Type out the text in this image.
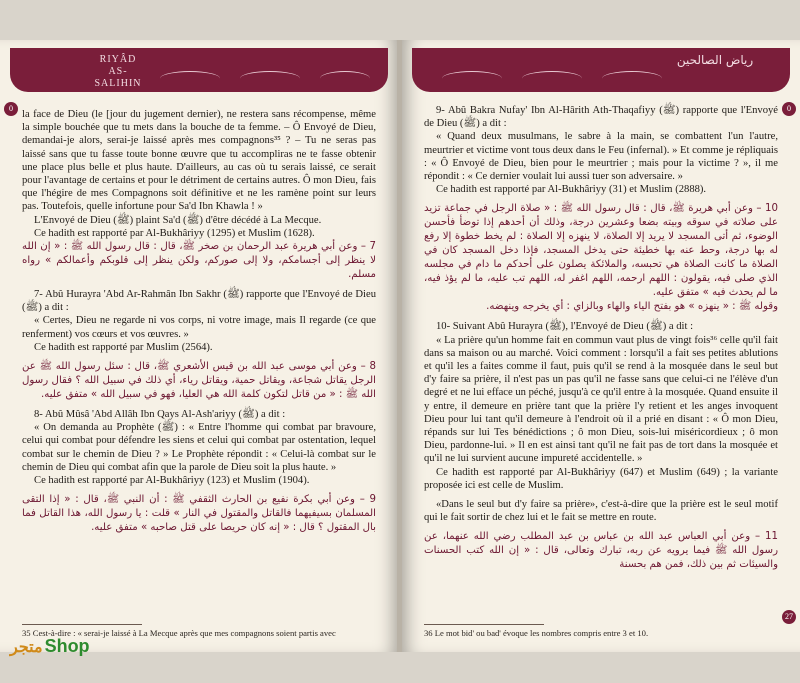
RIYÂD
AS-SALIHIN
0

la face de Dieu (le [jour du jugement dernier), ne restera sans récompense, même la simple bouchée que tu mets dans la bouche de ta femme. – Ô Envoyé de Dieu, demandai-je alors, serai-je laissé après mes compagnons³⁵ ? – Tu ne seras pas laissé sans que tu fasse toute bonne œuvre que tu accompliras ne te fasse obtenir une place plus belle et plus haute. D'ailleurs, au cas où tu serais laissé, ce serait pour l'avantage de certains et pour le détriment de certains autres. Ô mon Dieu, fais que l'hégire de mes Compagnons soit définitive et ne les ramène point sur leurs pas. Toutefois, quelle infortune pour Sa'd Ibn Khawla ! »

L'Envoyé de Dieu (ﷺ) plaint Sa'd (ﷺ) d'être décédé à La Mecque.

Ce hadith est rapporté par Al-Bukhâriyy (1295) et Muslim (1628).

7 – وعن أبي هريرة عبد الرحمان بن صخر ﷺ، قال : قال رسول الله ﷺ : « إن الله لا ينظر إلى أجسامكم، ولا إلى صوركم، ولكن ينظر إلى قلوبكم وأعمالكم » رواه مسلم.

7- Abû Hurayra 'Abd Ar-Rahmân Ibn Sakhr (ﷺ) rapporte que l'Envoyé de Dieu (ﷺ) a dit :

« Certes, Dieu ne regarde ni vos corps, ni votre image, mais Il regarde (ce que renferment) vos cœurs et vos œuvres. »

Ce hadith est rapporté par Muslim (2564).

8 – وعن أبي موسى عبد الله بن قيس الأشعري ﷺ، قال : سئل رسول الله ﷺ عن الرجل يقاتل شجاعة، ويقاتل حمية، ويقاتل رياء، أي ذلك في سبيل الله ؟ فقال رسول الله ﷺ : « من قاتل لتكون كلمة الله هي العليا، فهو في سبيل الله » متفق عليه.

8- Abû Mûsâ 'Abd Allâh Ibn Qays Al-Ash'ariyy (ﷺ) a dit :

« On demanda au Prophète (ﷺ) : « Entre l'homme qui combat par bravoure, celui qui combat pour défendre les siens et celui qui combat par ostentation, lequel combat sur le chemin de Dieu ? » Le Prophète répondit : « Celui-là combat sur le chemin de Dieu qui combat afin que la parole de Dieu soit la plus haute. »

Ce hadith est rapporté par Al-Bukhâriyy (123) et Muslim (1904).

9 – وعن أبي بكرة نفيع بن الحارث الثقفي ﷺ : أن النبي ﷺ، قال : « إذا التقى المسلمان بسيفيهما فالقاتل والمقتول في النار » قلت : يا رسول الله، هذا القاتل فما بال المقتول ؟ قال : « إنه كان حريصا على قتل صاحبه » متفق عليه.

35 Cest-à-dire : « serai-je laissé à La Mecque après que mes compagnons soient partis avec
رياض الصالحين
0

9- Abû Bakra Nufay' Ibn Al-Hârith Ath-Thaqafiyy (ﷺ) rapporte que l'Envoyé de Dieu (ﷺ) a dit :

« Quand deux musulmans, le sabre à la main, se combattent l'un l'autre, meurtrier et victime vont tous deux dans le Feu (infernal). » Et comme je répliquais : « Ô Envoyé de Dieu, bien pour le meurtrier ; mais pour la victime ? », il me répondit : « Ce dernier voulait lui aussi tuer son adversaire. »

Ce hadith est rapporté par Al-Bukhâriyy (31) et Muslim (2888).

10 – وعن أبي هريرة ﷺ، قال : قال رسول الله ﷺ : « صلاة الرجل في جماعة تزيد على صلاته في سوقه وبيته بضعا وعشرين درجة، وذلك أن أحدهم إذا توضأ فأحسن الوضوء، ثم أتى المسجد لا يريد إلا الصلاة، لا ينهزه إلا الصلاة : لم يخط خطوة إلا رفع له بها درجة، وحط عنه بها خطيئة حتى يدخل المسجد، فإذا دخل المسجد كان في الصلاة ما كانت الصلاة هي تحبسه، والملائكة يصلون على أحدكم ما دام في مجلسه الذي صلى فيه، يقولون : اللهم ارحمه، اللهم اغفر له، اللهم تب عليه، ما لم يؤذ فيه، ما لم يحدث فيه » متفق عليه.

وقوله ﷺ : « ينهزه » هو بفتح الياء والهاء وبالزاي : أي يخرجه وينهضه.

10- Suivant Abû Hurayra (ﷺ), l'Envoyé de Dieu (ﷺ) a dit :

« La prière qu'un homme fait en commun vaut plus de vingt fois³⁶ celle qu'il fait dans sa maison ou au marché. Voici comment : lorsqu'il a fait ses petites ablutions et qu'il les a faites comme il faut, puis qu'il se rend à la mosquée dans le seul but d'y faire sa prière, il n'est pas un pas qu'il ne fasse sans que celui-ci ne l'élève d'un degré et ne lui efface un péché, jusqu'à ce qu'il entre à la mosquée. Quand ensuite il y entre, il demeure en prière tant que la prière l'y retient et les anges invoquent Dieu pour lui tant qu'il demeure à l'endroit où il a prié en disant : « Ô mon Dieu, répands sur lui Tes bénédictions ; ô mon Dieu, sois-lui miséricordieux ; ô mon Dieu, pardonne-lui. » Il en est ainsi tant qu'il ne fait pas de tort dans la mosquée et qu'il ne lui survient aucune impureté accidentelle. »

Ce hadith est rapporté par Al-Bukhâriyy (647) et Muslim (649) ; la variante proposée ici est celle de Muslim.

«Dans le seul but d'y faire sa prière», c'est-à-dire que la prière est le seul motif qui le fait sortir de chez lui et le fait se mettre en route.

11 – وعن أبي العباس عبد الله بن عباس بن عبد المطلب رضي الله عنهما، عن رسول الله ﷺ فيما يرويه عن ربه، تبارك وتعالى، قال : « إن الله كتب الحسنات والسيئات ثم بين ذلك، فمن هم بحسنة

36 Le mot bid' ou bad' évoque les nombres compris entre 3 et 10.
27
متجر Shop
